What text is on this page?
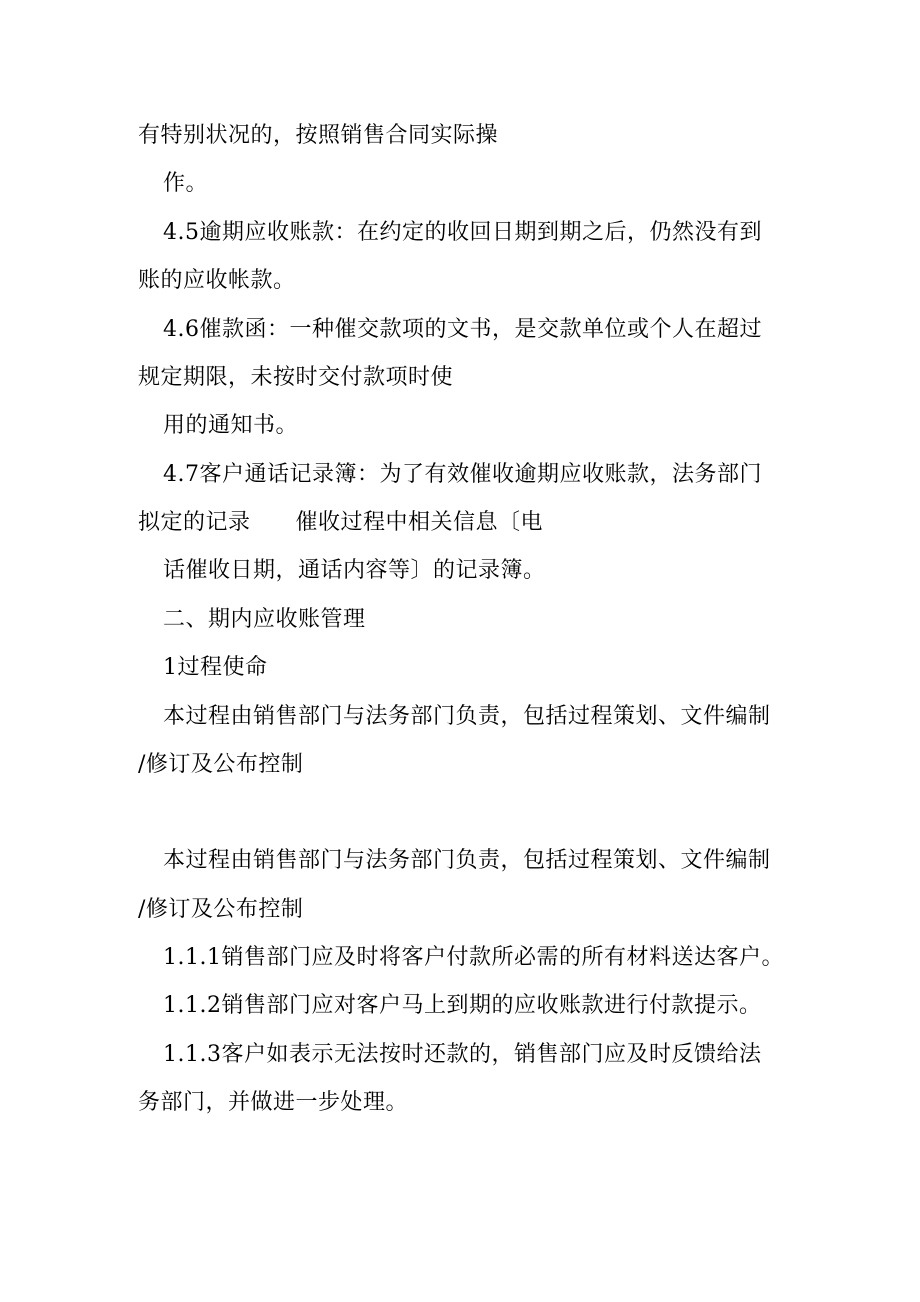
有特别状况的，按照销售合同实际操
作。
4.5逾期应收账款：在约定的收回日期到期之后，仍然没有到
账的应收帐款。
4.6催款函：一种催交款项的文书，是交款单位或个人在超过
规定期限，未按时交付款项时使
用的通知书。
4.7客户通话记录簿：为了有效催收逾期应收账款，法务部门
拟定的记录　　催收过程中相关信息〔电
话催收日期，通话内容等〕的记录簿。
二、期内应收账管理
1过程使命
本过程由销售部门与法务部门负责，包括过程策划、文件编制
/修订及公布控制
本过程由销售部门与法务部门负责，包括过程策划、文件编制
/修订及公布控制
1.1.1销售部门应及时将客户付款所必需的所有材料送达客户。
1.1.2销售部门应对客户马上到期的应收账款进行付款提示。
1.1.3客户如表示无法按时还款的，销售部门应及时反馈给法
务部门，并做进一步处理。
